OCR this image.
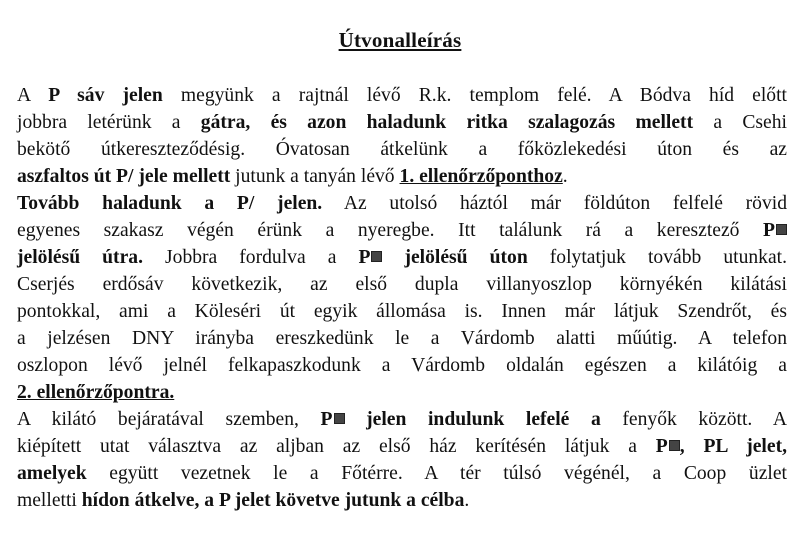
Útvonalleírás
A P sáv jelen megyünk a rajtnál lévő R.k. templom felé. A Bódva híd előtt
jobbra letérünk a gátra, és azon haladunk ritka szalagozás mellett a Csehi
bekötő útkereszteződésig. Óvatosan átkelünk a főközlekedési úton és az
aszfaltos út P/ jele mellett jutunk a tanyán lévő 1. ellenőrzőponthoz.
Tovább haladunk a P/ jelen. Az utolsó háztól már földúton felfelé rövid
egyenes szakasz végén érünk a nyeregbe. Itt találunk rá a keresztező P
jelölésű útra. Jobbra fordulva a P jelölésű úton folytatjuk tovább utunkat.
Cserjés erdősáv következik, az első dupla villanyoszlop környékén kilátási
pontokkal, ami a Köleséri út egyik állomása is. Innen már látjuk Szendrőt, és
a jelzésen DNY irányba ereszkedünk le a Várdomb alatti műútig. A telefon
oszlopon lévő jelnél felkapaszkodunk a Várdomb oldalán egészen a kilátóig a
2. ellenőrzőpontra.
A kilátó bejáratával szemben, P jelen indulunk lefelé a fenyők között. A
kiépített utat választva az aljban az első ház kerítésén látjuk a P , PL jelet,
amelyek együtt vezetnek le a Főtérre. A tér túlsó végénél, a Coop üzlet
melletti hídon átkelve, a P jelet követve jutunk a célba.
